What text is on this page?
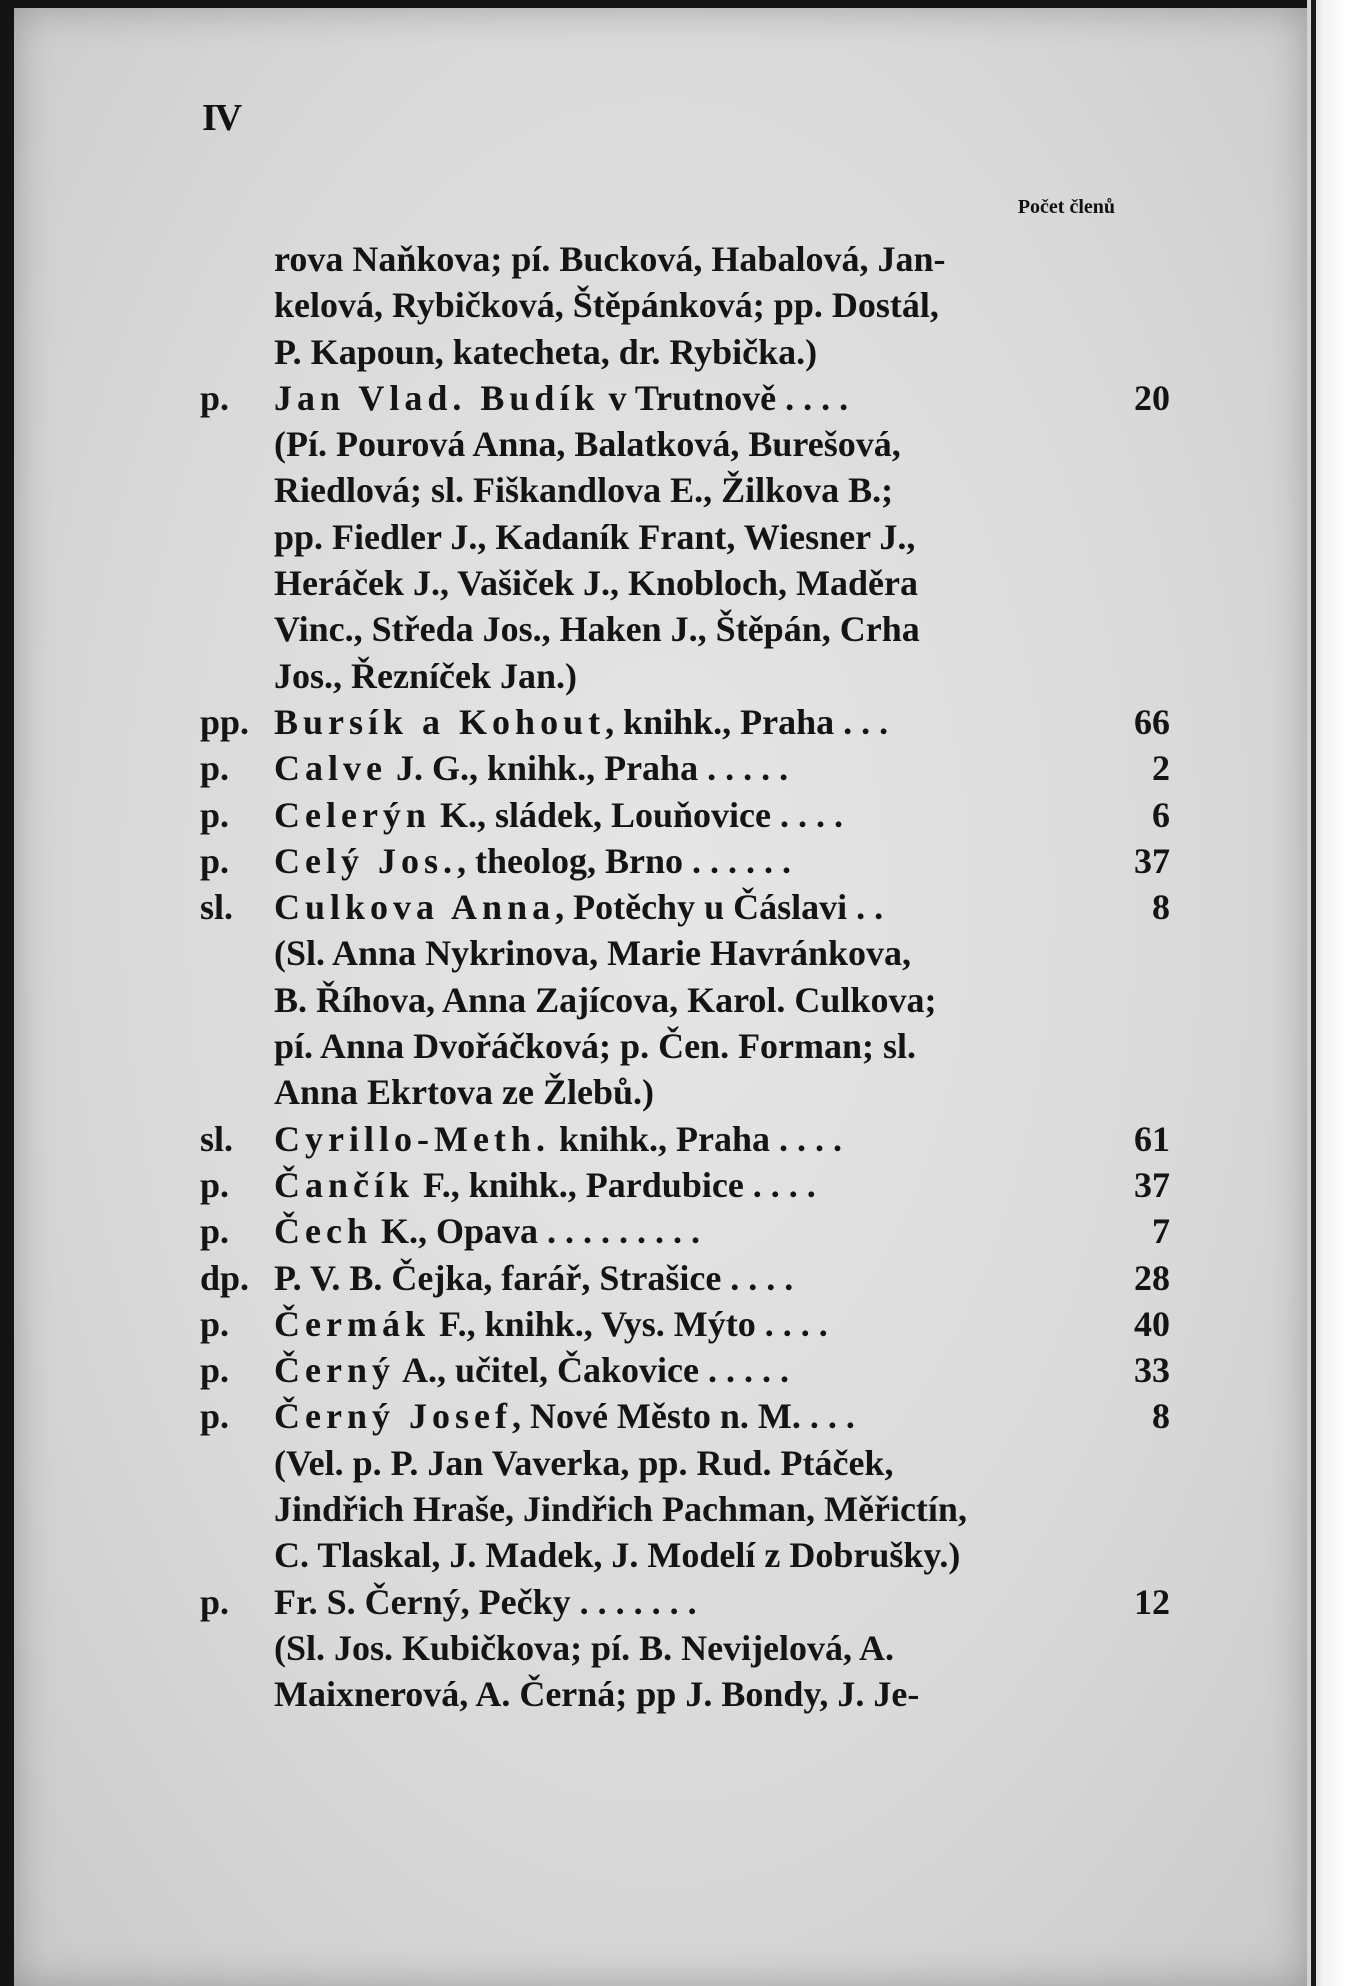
IV
Počet členů
rova Naňkova; pí. Bucková, Habalová, Jan-
kelová, Rybičková, Štěpánková; pp. Dostál,
P. Kapoun, katecheta, dr. Rybička.)
p.	Jan Vlad. Budík v Trutnově . . . .	20
(Pí. Pourová Anna, Balatková, Burešová,
Riedlová; sl. Fiškandlova E., Žilkova B.;
pp. Fiedler J., Kadaník Frant, Wiesner J.,
Heráček J., Vašiček J., Knobloch, Maděra
Vinc., Středa Jos., Haken J., Štěpán, Crha
Jos., Řezníček Jan.)
pp. Bursík a Kohout, knihk., Praha . . .	66
p.	Calve J. G., knihk., Praha . . . . .	2
p.	Celerýn K., sládek, Louňovice . . . .	6
p.	Celý Jos., theolog, Brno . . . . . .	37
sl.	Culkova Anna, Potěchy u Čáslavi . .	8
(Sl. Anna Nykrinova, Marie Havránkova,
B. Říhova, Anna Zajícova, Karol. Culkova;
pí. Anna Dvořáčková; p. Čen. Forman; sl.
Anna Ekrtova ze Žlebů.)
sl.	Cyrillo-Meth. knihk., Praha . . . .	61
p.	Čančík F., knihk., Pardubice . . . .	37
p.	Čech K., Opava . . . . . . . . .	7
dp. P. V. B. Čejka, farář, Strašice . . . .	28
p.	Čermák F., knihk., Vys. Mýto . . . .	40
p.	Černý A., učitel, Čakovice . . . . .	33
p.	Černý Josef, Nové Město n. M. . . .	8
(Vel. p. P. Jan Vaverka, pp. Rud. Ptáček,
Jindřich Hraše, Jindřich Pachman, Měřictín,
C. Tlaskal, J. Madek, J. Modelí z Dobrušky.)
p.	Fr. S. Černý, Pečky . . . . . . .	12
(Sl. Jos. Kubičkova; pí. B. Nevijelová, A.
Maixnerová, A. Černá; pp J. Bondy, J. Je-
